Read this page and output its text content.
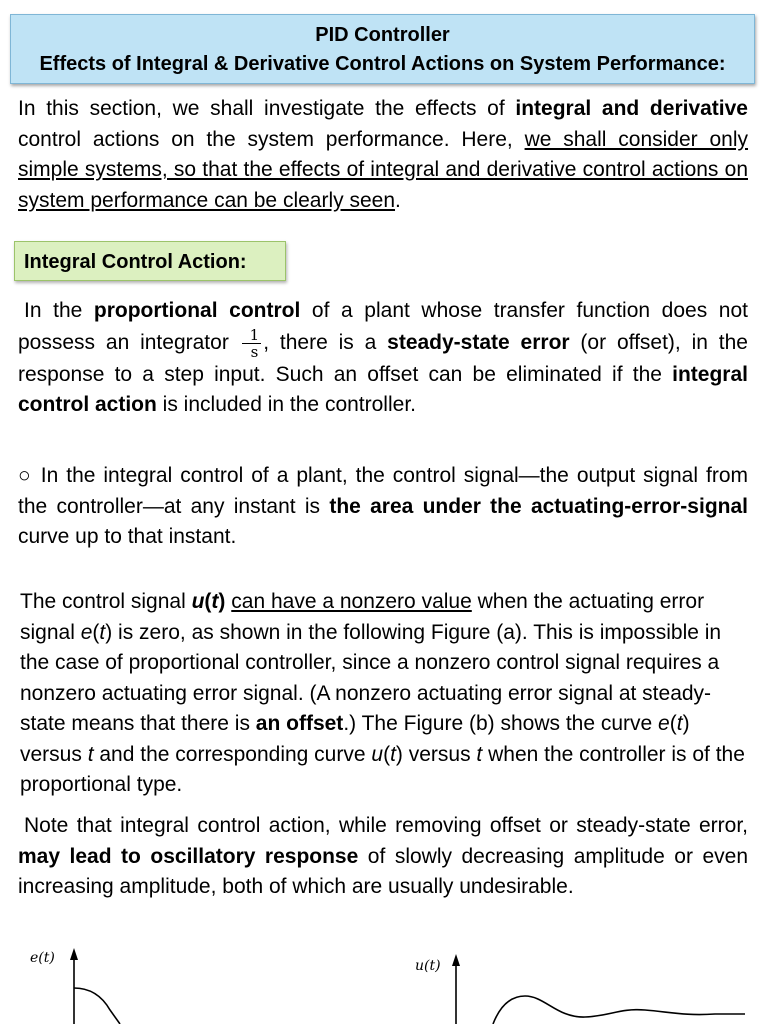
PID Controller
Effects of Integral & Derivative Control Actions on System Performance:
In this section, we shall investigate the effects of integral and derivative control actions on the system performance. Here, we shall consider only simple systems, so that the effects of integral and derivative control actions on system performance can be clearly seen.
Integral Control Action:
In the proportional control of a plant whose transfer function does not possess an integrator $\frac{1}{s}$ , there is a steady-state error (or offset), in the response to a step input. Such an offset can be eliminated if the integral control action is included in the controller.
○ In the integral control of a plant, the control signal—the output signal from the controller—at any instant is the area under the actuating-error-signal curve up to that instant.
The control signal u(t) can have a nonzero value when the actuating error signal e(t) is zero, as shown in the following Figure (a). This is impossible in the case of proportional controller, since a nonzero control signal requires a nonzero actuating error signal. (A nonzero actuating error signal at steady-state means that there is an offset.) The Figure (b) shows the curve e(t) versus t and the corresponding curve u(t) versus t when the controller is of the proportional type.
Note that integral control action, while removing offset or steady-state error, may lead to oscillatory response of slowly decreasing amplitude or even increasing amplitude, both of which are usually undesirable.
e(t)	u(t)
